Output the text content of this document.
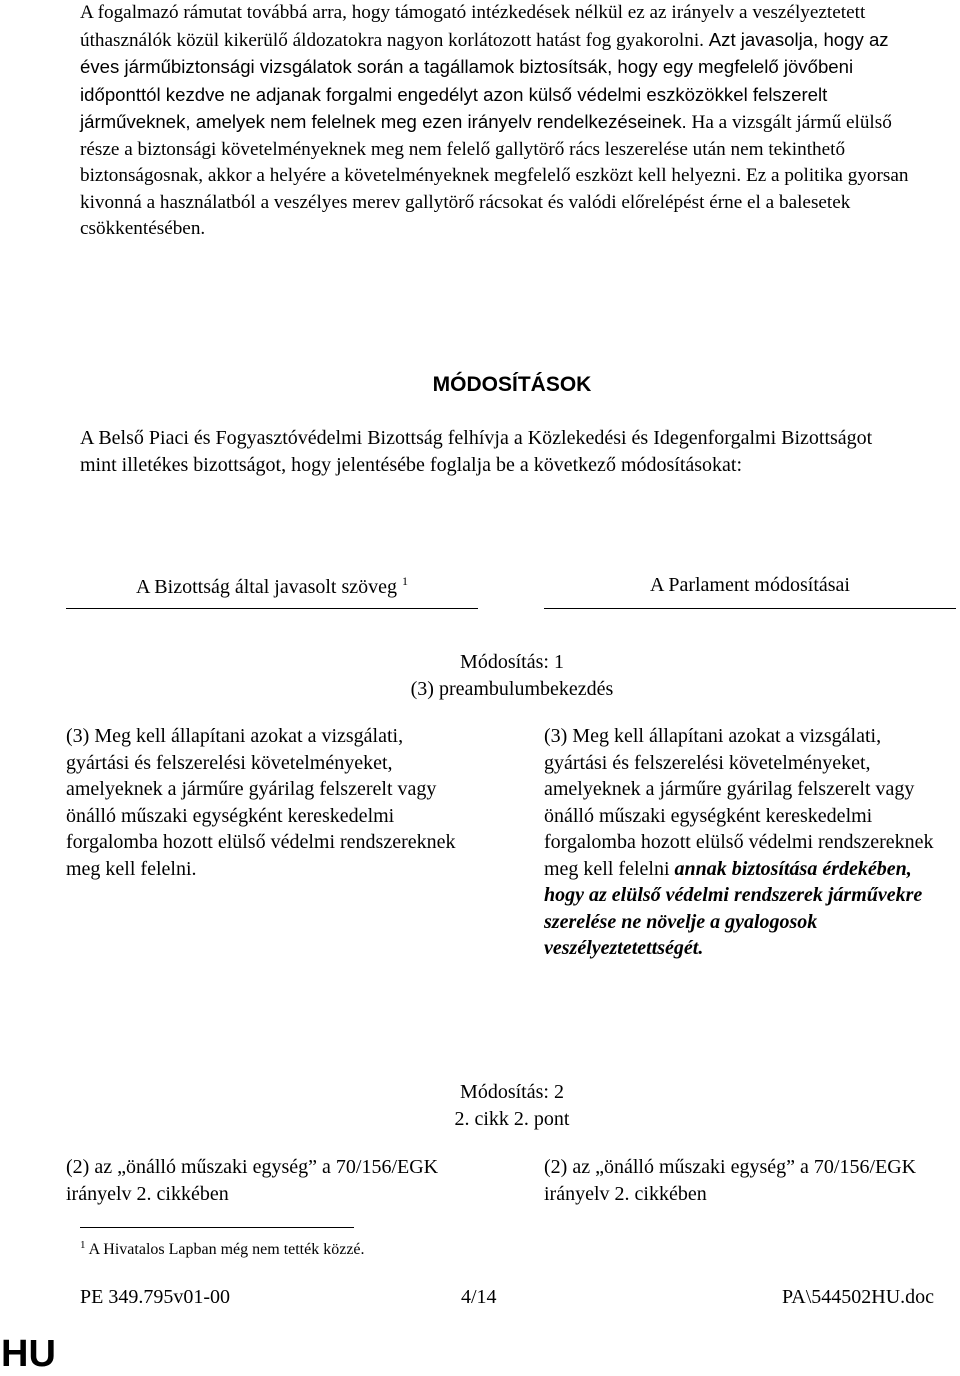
A fogalmazó rámutat továbbá arra, hogy támogató intézkedések nélkül ez az irányelv a veszélyeztetett úthasználók közül kikerülő áldozatokra nagyon korlátozott hatást fog gyakorolni. Azt javasolja, hogy az éves járműbiztonsági vizsgálatok során a tagállamok biztosítsák, hogy egy megfelelő jövőbeni időponttól kezdve ne adjanak forgalmi engedélyt azon külső védelmi eszközökkel felszerelt járműveknek, amelyek nem felelnek meg ezen irányelv rendelkezéseinek. Ha a vizsgált jármű elülső része a biztonsági követelményeknek meg nem felelő gallytörő rács leszerelése után nem tekinthető biztonságosnak, akkor a helyére a követelményeknek megfelelő eszközt kell helyezni. Ez a politika gyorsan kivonná a használatból a veszélyes merev gallytörő rácsokat és valódi előrelépést érne el a balesetek csökkentésében.

MÓDOSÍTÁSOK

A Belső Piaci és Fogyasztóvédelmi Bizottság felhívja a Közlekedési és Idegenforgalmi Bizottságot mint illetékes bizottságot, hogy jelentésébe foglalja be a következő módosításokat:

A Bizottság által javasolt szöveg $^1$	A Parlament módosításai
Módosítás: 1
(3) preambulumbekezdés

(3) Meg kell állapítani azokat a vizsgálati, gyártási és felszerelési követelményeket, amelyeknek a járműre gyárilag felszerelt vagy önálló műszaki egységként kereskedelmi forgalomba hozott elülső védelmi rendszereknek meg kell felelni.

(3) Meg kell állapítani azokat a vizsgálati, gyártási és felszerelési követelményeket, amelyeknek a járműre gyárilag felszerelt vagy önálló műszaki egységként kereskedelmi forgalomba hozott elülső védelmi rendszereknek meg kell felelni annak biztosítása érdekében, hogy az elülső védelmi rendszerek járművekre szerelése ne növelje a gyalogosok veszélyeztetettségét.

Módosítás: 2
2. cikk 2. pont

(2) az „önálló műszaki egység” a 70/156/EGK irányelv 2. cikkében

(2) az „önálló műszaki egység” a 70/156/EGK irányelv 2. cikkében

$^1$ A Hivatalos Lapban még nem tették közzé.
PE 349.795v01-00	4/14	PA\544502HU.doc
HU
